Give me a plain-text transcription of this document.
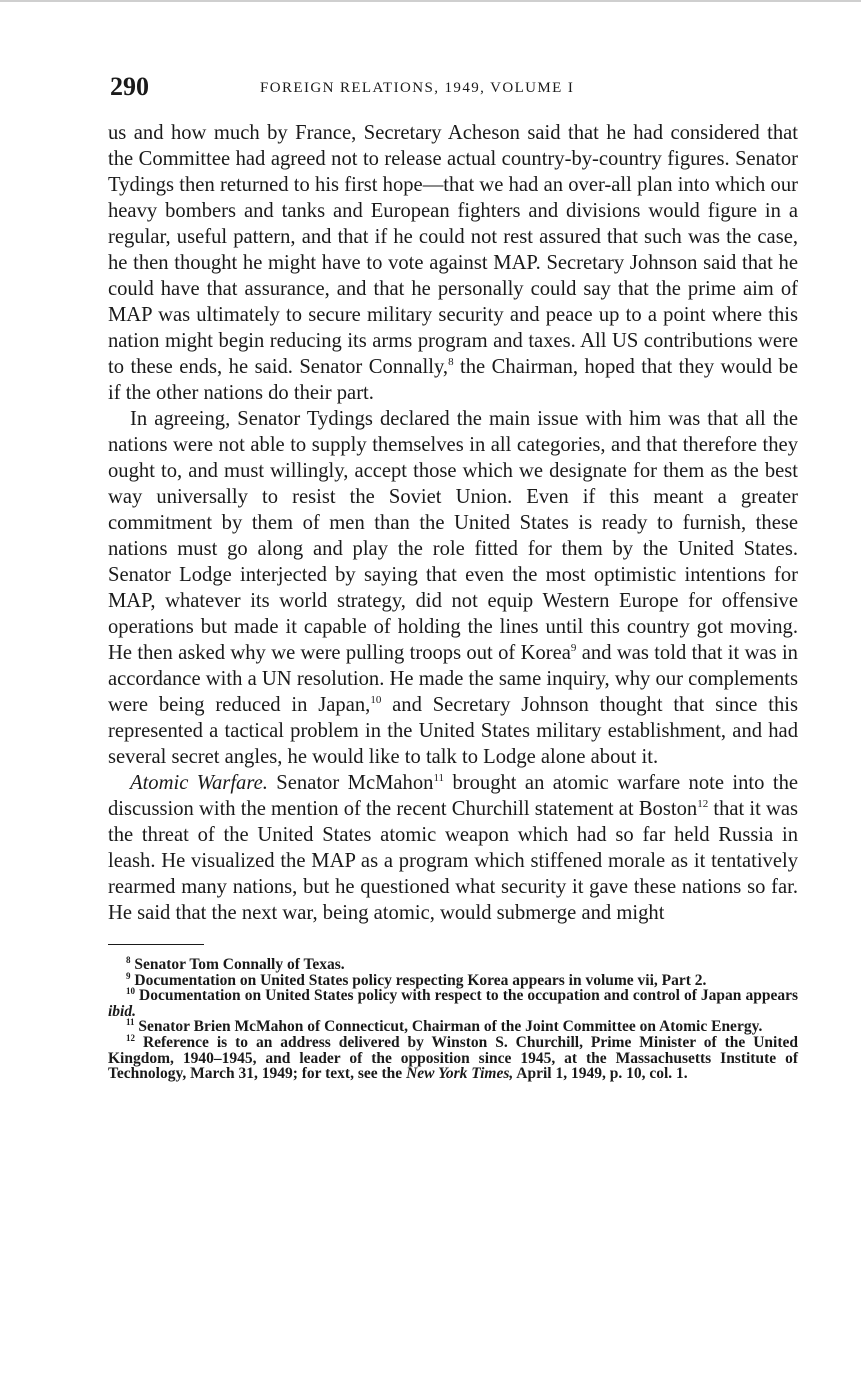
290	FOREIGN RELATIONS, 1949, VOLUME I

us and how much by France, Secretary Acheson said that he had considered that the Committee had agreed not to release actual country-by-country figures. Senator Tydings then returned to his first hope—that we had an over-all plan into which our heavy bombers and tanks and European fighters and divisions would figure in a regular, useful pattern, and that if he could not rest assured that such was the case, he then thought he might have to vote against MAP. Secretary Johnson said that he could have that assurance, and that he personally could say that the prime aim of MAP was ultimately to secure military security and peace up to a point where this nation might begin reducing its arms program and taxes. All US contributions were to these ends, he said. Senator Connally,$^8$ the Chairman, hoped that they would be if the other nations do their part.

In agreeing, Senator Tydings declared the main issue with him was that all the nations were not able to supply themselves in all categories, and that therefore they ought to, and must willingly, accept those which we designate for them as the best way universally to resist the Soviet Union. Even if this meant a greater commitment by them of men than the United States is ready to furnish, these nations must go along and play the role fitted for them by the United States. Senator Lodge interjected by saying that even the most optimistic intentions for MAP, whatever its world strategy, did not equip Western Europe for offensive operations but made it capable of holding the lines until this country got moving. He then asked why we were pulling troops out of Korea$^9$ and was told that it was in accordance with a UN resolution. He made the same inquiry, why our complements were being reduced in Japan,$^{10}$ and Secretary Johnson thought that since this represented a tactical problem in the United States military establishment, and had several secret angles, he would like to talk to Lodge alone about it.

Atomic Warfare. Senator McMahon$^{11}$ brought an atomic warfare note into the discussion with the mention of the recent Churchill statement at Boston$^{12}$ that it was the threat of the United States atomic weapon which had so far held Russia in leash. He visualized the MAP as a program which stiffened morale as it tentatively rearmed many nations, but he questioned what security it gave these nations so far. He said that the next war, being atomic, would submerge and might

$^8$ Senator Tom Connally of Texas.

$^9$ Documentation on United States policy respecting Korea appears in volume vii, Part 2.

$^{10}$ Documentation on United States policy with respect to the occupation and control of Japan appears ibid.

$^{11}$ Senator Brien McMahon of Connecticut, Chairman of the Joint Committee on Atomic Energy.

$^{12}$ Reference is to an address delivered by Winston S. Churchill, Prime Minister of the United Kingdom, 1940–1945, and leader of the opposition since 1945, at the Massachusetts Institute of Technology, March 31, 1949; for text, see the New York Times, April 1, 1949, p. 10, col. 1.
